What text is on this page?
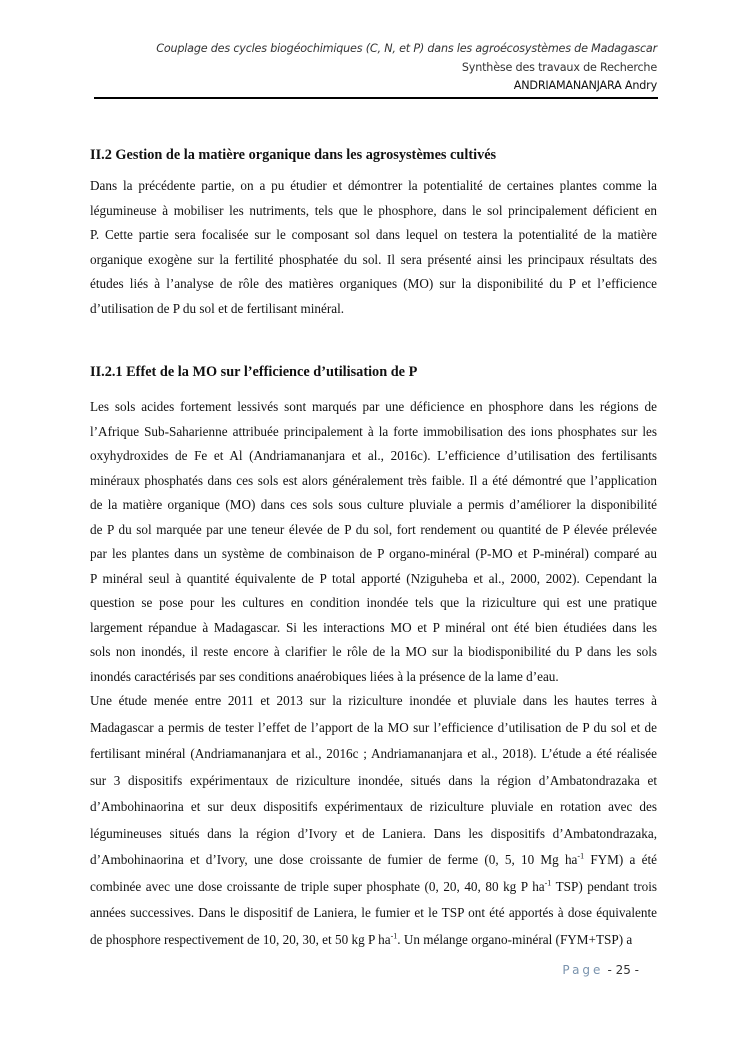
Couplage des cycles biogéochimiques (C, N, et P) dans les agroécosystèmes de Madagascar
Synthèse des travaux de Recherche
ANDRIAMANANJARA Andry
II.2 Gestion de la matière organique dans les agrosystèmes cultivés
Dans la précédente partie, on a pu étudier et démontrer la potentialité de certaines plantes comme la
légumineuse à mobiliser les nutriments, tels que le phosphore, dans le sol principalement déficient en
P. Cette partie sera focalisée sur le composant sol dans lequel on testera la potentialité de la matière
organique exogène sur la fertilité phosphatée du sol. Il sera présenté ainsi les principaux résultats des
études liés à l’analyse de rôle des matières organiques (MO) sur la disponibilité du P et l’efficience
d’utilisation de P du sol et de fertilisant minéral.
II.2.1 Effet de la MO sur l’efficience d’utilisation de P
Les sols acides fortement lessivés sont marqués par une déficience en phosphore dans les régions de
l’Afrique Sub-Saharienne attribuée principalement à la forte immobilisation des ions phosphates sur les
oxyhydroxides de Fe et Al (Andriamananjara et al., 2016c). L’efficience d’utilisation des fertilisants
minéraux phosphatés dans ces sols est alors généralement très faible. Il a été démontré que l’application
de la matière organique (MO) dans ces sols sous culture pluviale a permis d’améliorer la disponibilité
de P du sol marquée par une teneur élevée de P du sol, fort rendement ou quantité de P élevée prélevée
par les plantes dans un système de combinaison de P organo-minéral (P-MO et P-minéral) comparé au
P minéral seul à quantité équivalente de P total apporté (Nziguheba et al., 2000, 2002). Cependant la
question se pose pour les cultures en condition inondée tels que la riziculture qui est une pratique
largement répandue à Madagascar. Si les interactions MO et P minéral ont été bien étudiées dans les
sols non inondés, il reste encore à clarifier le rôle de la MO sur la biodisponibilité du P dans les sols
inondés caractérisés par ses conditions anaérobiques liées à la présence de la lame d’eau.
Une étude menée entre 2011 et 2013 sur la riziculture inondée et pluviale dans les hautes terres à
Madagascar a permis de tester l’effet de l’apport de la MO sur l’efficience d’utilisation de P du sol et de
fertilisant minéral (Andriamananjara et al., 2016c ; Andriamananjara et al., 2018). L’étude a été réalisée
sur 3 dispositifs expérimentaux de riziculture inondée, situés dans la région d’Ambatondrazaka et
d’Ambohinaorina et sur deux dispositifs expérimentaux de riziculture pluviale en rotation avec des
légumineuses situés dans la région d’Ivory et de Laniera. Dans les dispositifs d’Ambatondrazaka,
d’Ambohinaorina et d’Ivory, une dose croissante de fumier de ferme (0, 5, 10 Mg $ha^{-1}$ FYM) a été
combinée avec une dose croissante de triple super phosphate (0, 20, 40, 80 kg P $ha^{-1}$ TSP) pendant trois
années successives. Dans le dispositif de Laniera, le fumier et le TSP ont été apportés à dose équivalente
de phosphore respectivement de 10, 20, 30, et 50 kg P $ha^{-1}$. Un mélange organo-minéral (FYM+TSP) a
Page - 25 -
